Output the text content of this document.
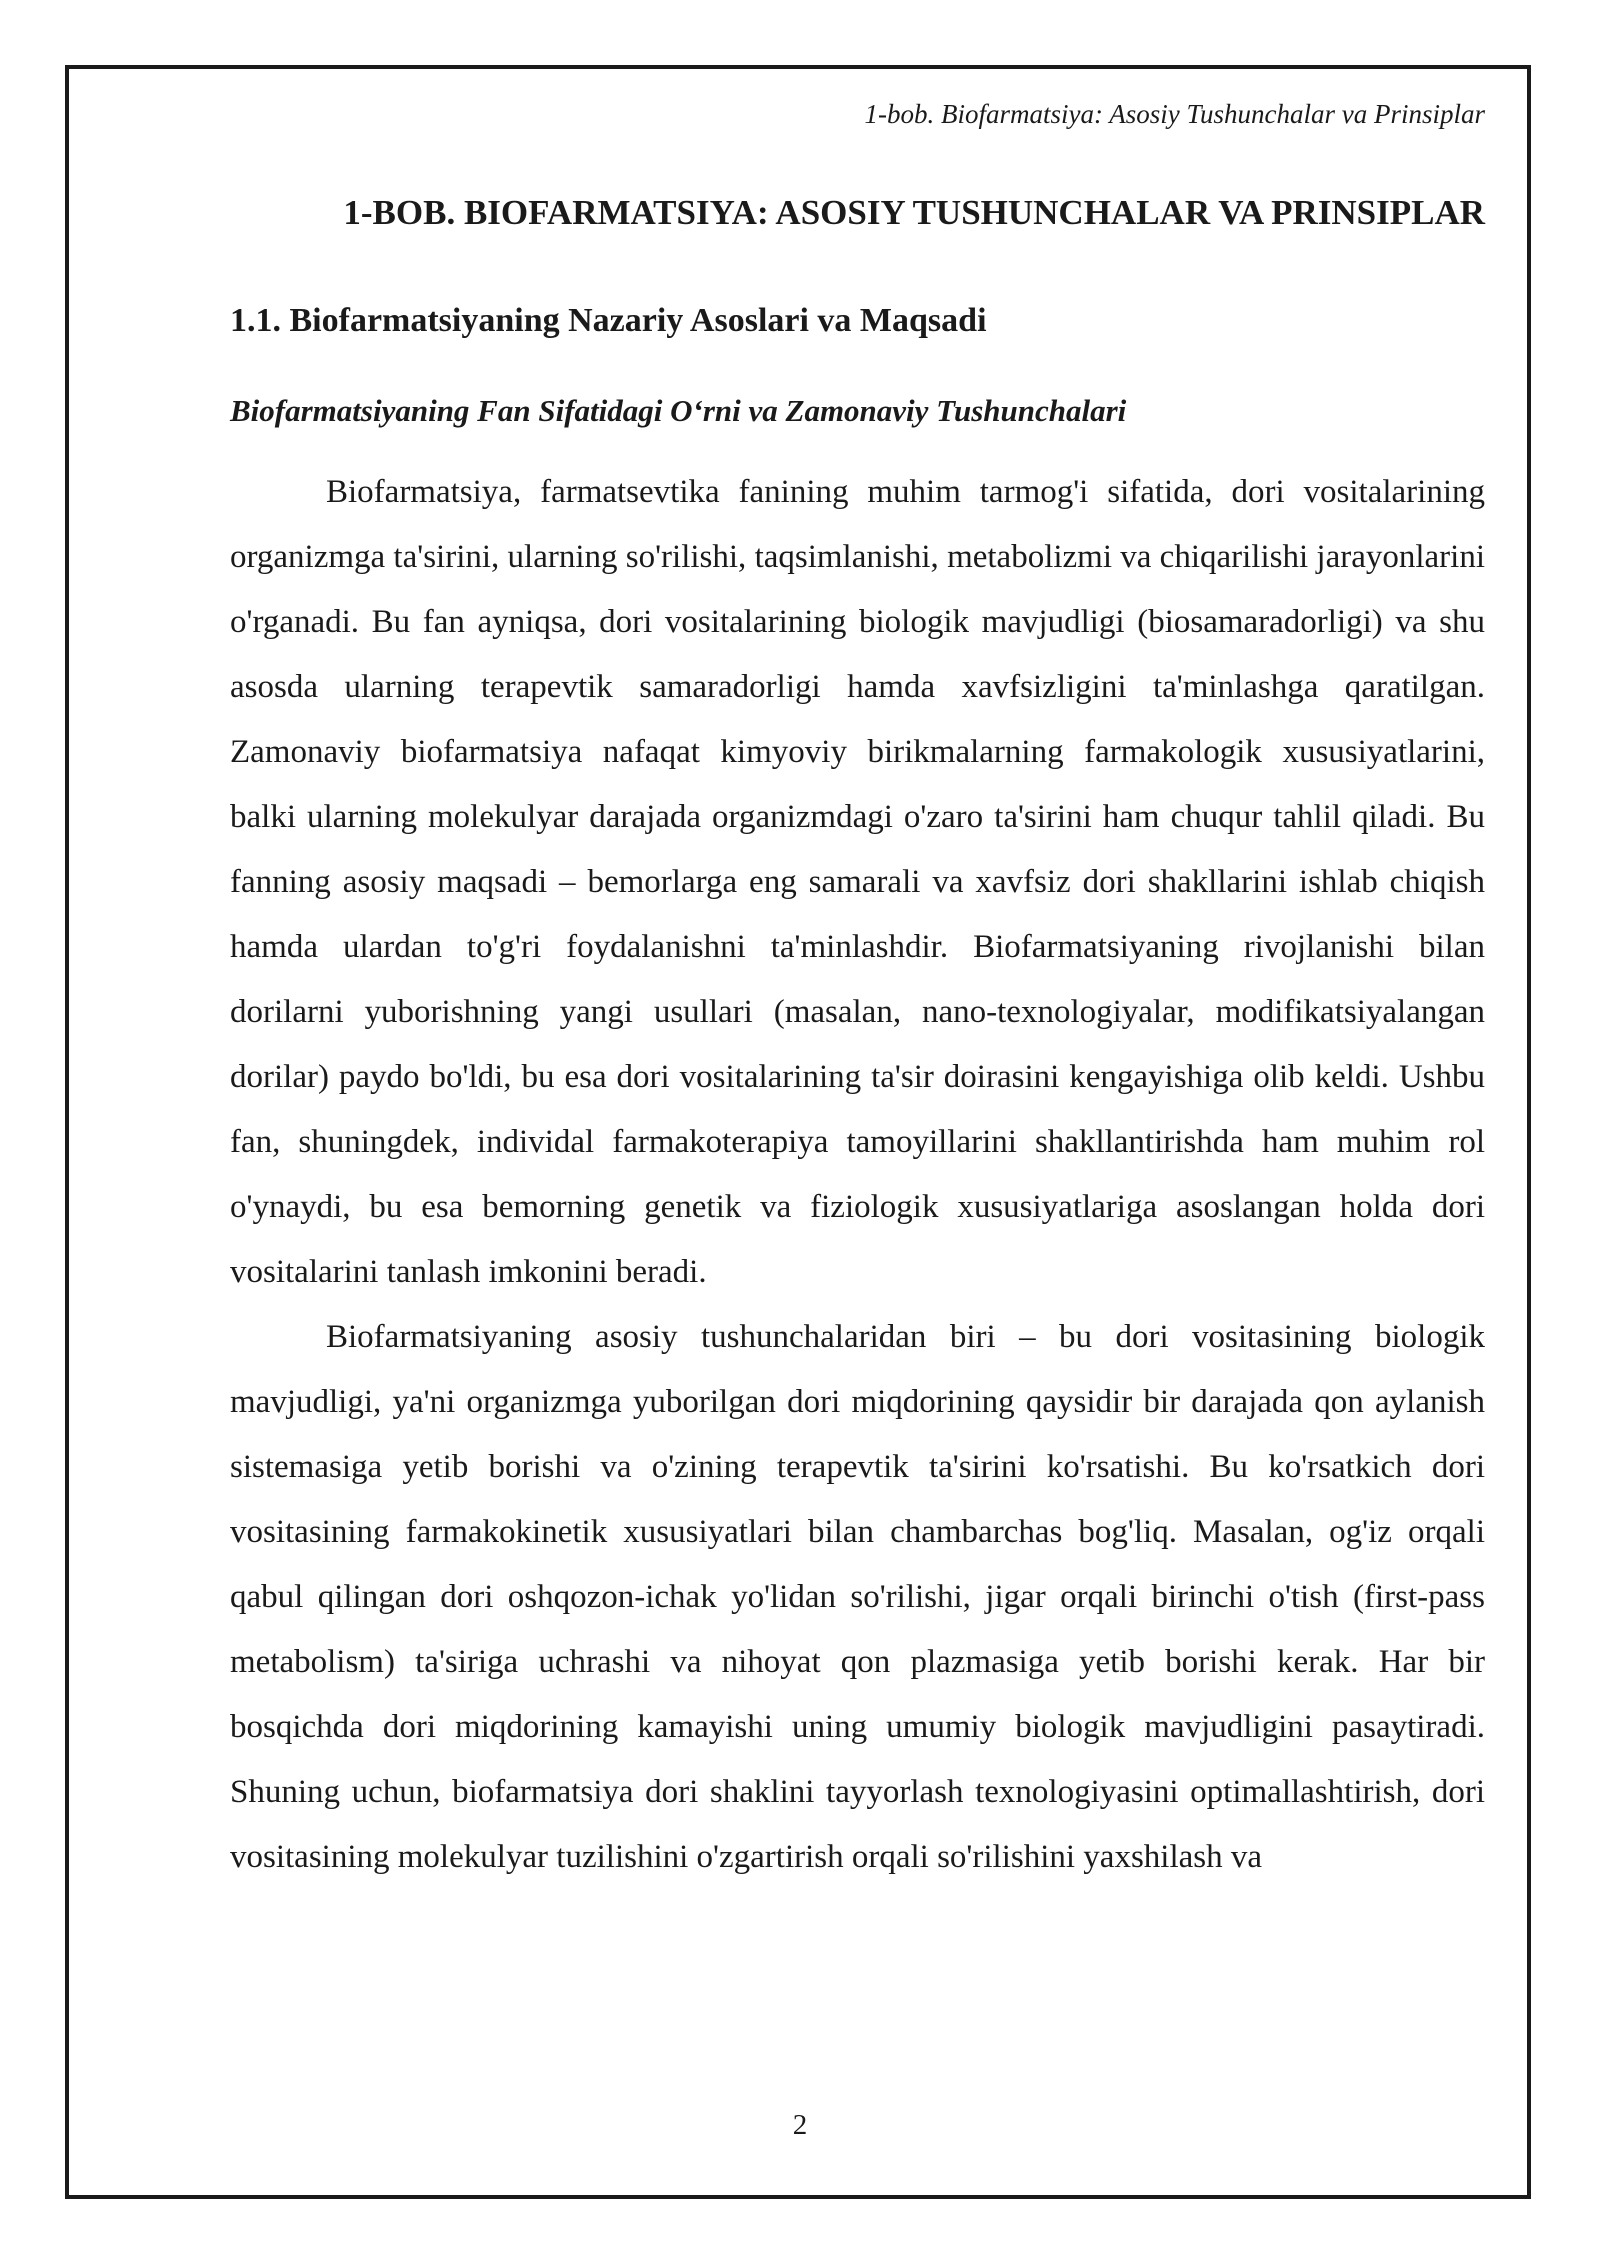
1-bob. Biofarmatsiya: Asosiy Tushunchalar va Prinsiplar
1-BOB. BIOFARMATSIYA: ASOSIY TUSHUNCHALAR VA PRINSIPLAR
1.1. Biofarmatsiyaning Nazariy Asoslari va Maqsadi
Biofarmatsiyaning Fan Sifatidagi O‘rni va Zamonaviy Tushunchalari

Biofarmatsiya, farmatsevtika fanining muhim tarmog'i sifatida, dori vositalarining organizmga ta'sirini, ularning so'rilishi, taqsimlanishi, metabolizmi va chiqarilishi jarayonlarini o'rganadi. Bu fan ayniqsa, dori vositalarining biologik mavjudligi (biosamaradorligi) va shu asosda ularning terapevtik samaradorligi hamda xavfsizligini ta'minlashga qaratilgan. Zamonaviy biofarmatsiya nafaqat kimyoviy birikmalarning farmakologik xususiyatlarini, balki ularning molekulyar darajada organizmdagi o'zaro ta'sirini ham chuqur tahlil qiladi. Bu fanning asosiy maqsadi – bemorlarga eng samarali va xavfsiz dori shakllarini ishlab chiqish hamda ulardan to'g'ri foydalanishni ta'minlashdir. Biofarmatsiyaning rivojlanishi bilan dorilarni yuborishning yangi usullari (masalan, nano-texnologiyalar, modifikatsiyalangan dorilar) paydo bo'ldi, bu esa dori vositalarining ta'sir doirasini kengayishiga olib keldi. Ushbu fan, shuningdek, individal farmakoterapiya tamoyillarini shakllantirishda ham muhim rol o'ynaydi, bu esa bemorning genetik va fiziologik xususiyatlariga asoslangan holda dori vositalarini tanlash imkonini beradi.

Biofarmatsiyaning asosiy tushunchalaridan biri – bu dori vositasining biologik mavjudligi, ya'ni organizmga yuborilgan dori miqdorining qaysidir bir darajada qon aylanish sistemasiga yetib borishi va o'zining terapevtik ta'sirini ko'rsatishi. Bu ko'rsatkich dori vositasining farmakokinetik xususiyatlari bilan chambarchas bog'liq. Masalan, og'iz orqali qabul qilingan dori oshqozon-ichak yo'lidan so'rilishi, jigar orqali birinchi o'tish (first-pass metabolism) ta'siriga uchrashi va nihoyat qon plazmasiga yetib borishi kerak. Har bir bosqichda dori miqdorining kamayishi uning umumiy biologik mavjudligini pasaytiradi. Shuning uchun, biofarmatsiya dori shaklini tayyorlash texnologiyasini optimallashtirish, dori vositasining molekulyar tuzilishini o'zgartirish orqali so'rilishini yaxshilash va

2
